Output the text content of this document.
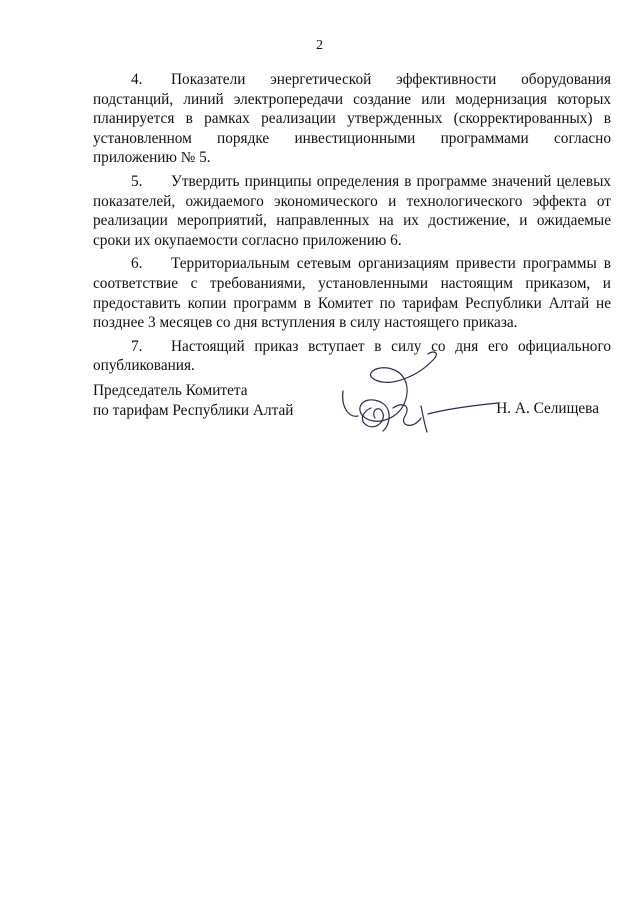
2

4. Показатели энергетической эффективности оборудования подстанций, линий электропередачи создание или модернизация которых планируется в рамках реализации утвержденных (скорректированных) в установленном порядке инвестиционными программами согласно приложению № 5.

5. Утвердить принципы определения в программе значений целевых показателей, ожидаемого экономического и технологического эффекта от реализации мероприятий, направленных на их достижение, и ожидаемые сроки их окупаемости согласно приложению 6.

6. Территориальным сетевым организациям привести программы в соответствие с требованиями, установленными настоящим приказом, и предоставить копии программ в Комитет по тарифам Республики Алтай не позднее 3 месяцев со дня вступления в силу настоящего приказа.

7. Настоящий приказ вступает в силу со дня его официального опубликования.

Председатель Комитета
по тарифам Республики Алтай	Н. А. Селищева
